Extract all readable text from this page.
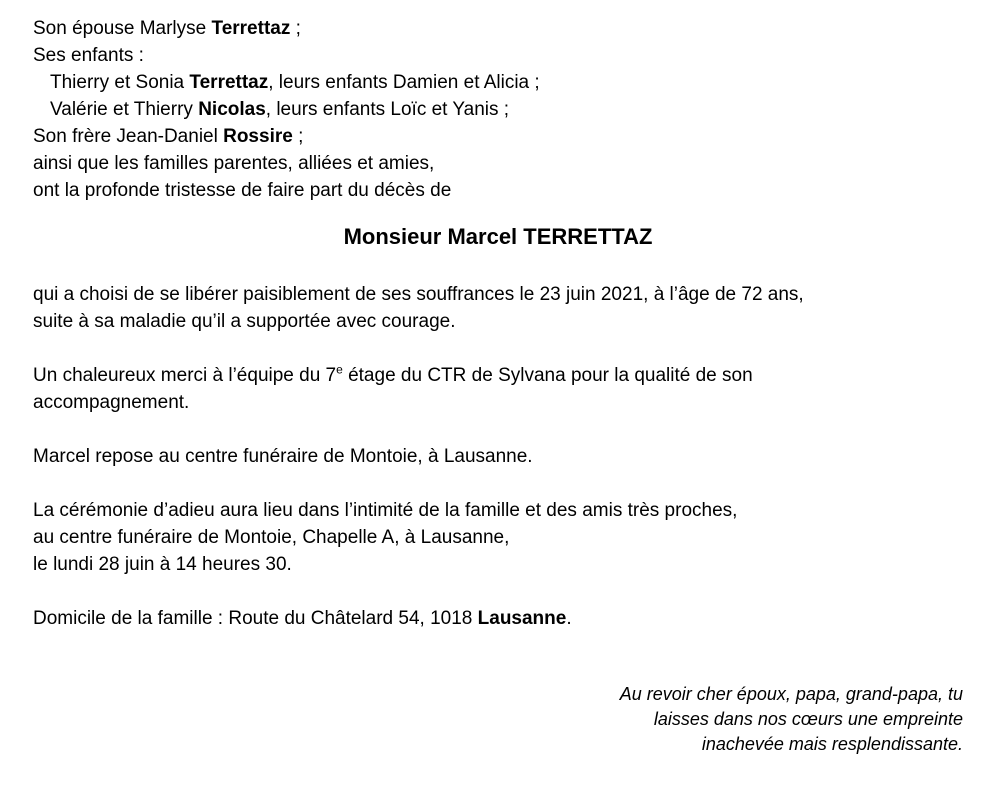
Son épouse Marlyse Terrettaz ;
Ses enfants :
Thierry et Sonia Terrettaz, leurs enfants Damien et Alicia ;
Valérie et Thierry Nicolas, leurs enfants Loïc et Yanis ;
Son frère Jean-Daniel Rossire ;
ainsi que les familles parentes, alliées et amies,
ont la profonde tristesse de faire part du décès de
Monsieur Marcel TERRETTAZ
qui a choisi de se libérer paisiblement de ses souffrances le 23 juin 2021, à l’âge de 72 ans,
suite à sa maladie qu’il a supportée avec courage.
Un chaleureux merci à l’équipe du 7e étage du CTR de Sylvana pour la qualité de son
accompagnement.
Marcel repose au centre funéraire de Montoie, à Lausanne.
La cérémonie d’adieu aura lieu dans l’intimité de la famille et des amis très proches,
au centre funéraire de Montoie, Chapelle A, à Lausanne,
le lundi 28 juin à 14 heures 30.
Domicile de la famille : Route du Châtelard 54, 1018 Lausanne.
Au revoir cher époux, papa, grand-papa, tu
laisses dans nos cœurs une empreinte
inachevée mais resplendissante.
